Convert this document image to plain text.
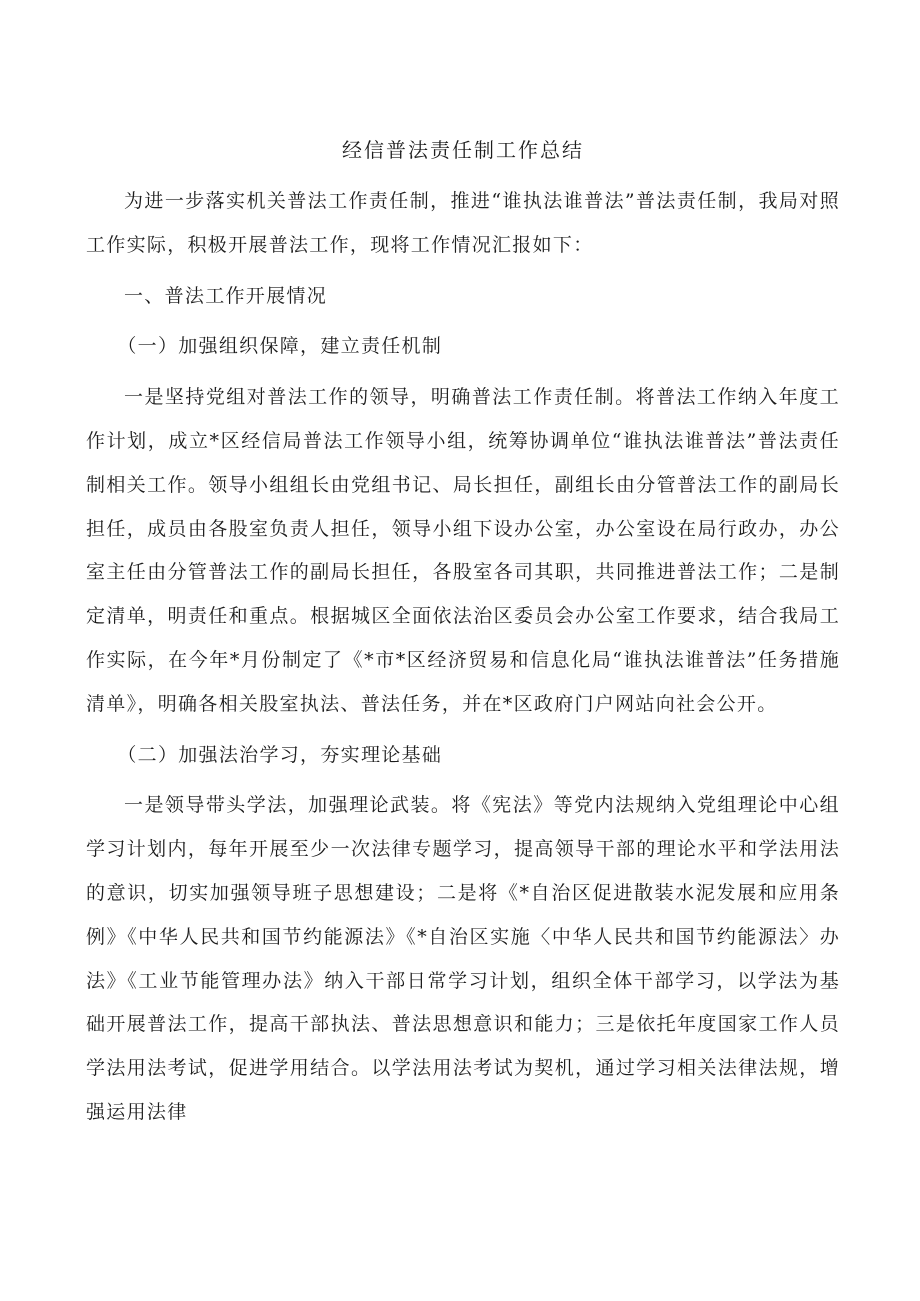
经信普法责任制工作总结

为进一步落实机关普法工作责任制，推进“谁执法谁普法”普法责任制，我局对照工作实际，积极开展普法工作，现将工作情况汇报如下：

一、普法工作开展情况

（一）加强组织保障，建立责任机制

一是坚持党组对普法工作的领导，明确普法工作责任制。将普法工作纳入年度工作计划，成立*区经信局普法工作领导小组，统筹协调单位“谁执法谁普法”普法责任制相关工作。领导小组组长由党组书记、局长担任，副组长由分管普法工作的副局长担任，成员由各股室负责人担任，领导小组下设办公室，办公室设在局行政办，办公室主任由分管普法工作的副局长担任，各股室各司其职，共同推进普法工作；二是制定清单，明责任和重点。根据城区全面依法治区委员会办公室工作要求，结合我局工作实际，在今年*月份制定了《*市*区经济贸易和信息化局“谁执法谁普法”任务措施清单》，明确各相关股室执法、普法任务，并在*区政府门户网站向社会公开。

（二）加强法治学习，夯实理论基础

一是领导带头学法，加强理论武装。将《宪法》等党内法规纳入党组理论中心组学习计划内，每年开展至少一次法律专题学习，提高领导干部的理论水平和学法用法的意识，切实加强领导班子思想建设；二是将《*自治区促进散装水泥发展和应用条例》《中华人民共和国节约能源法》《*自治区实施〈中华人民共和国节约能源法〉办法》《工业节能管理办法》纳入干部日常学习计划，组织全体干部学习，以学法为基础开展普法工作，提高干部执法、普法思想意识和能力；三是依托年度国家工作人员学法用法考试，促进学用结合。以学法用法考试为契机，通过学习相关法律法规，增强运用法律
